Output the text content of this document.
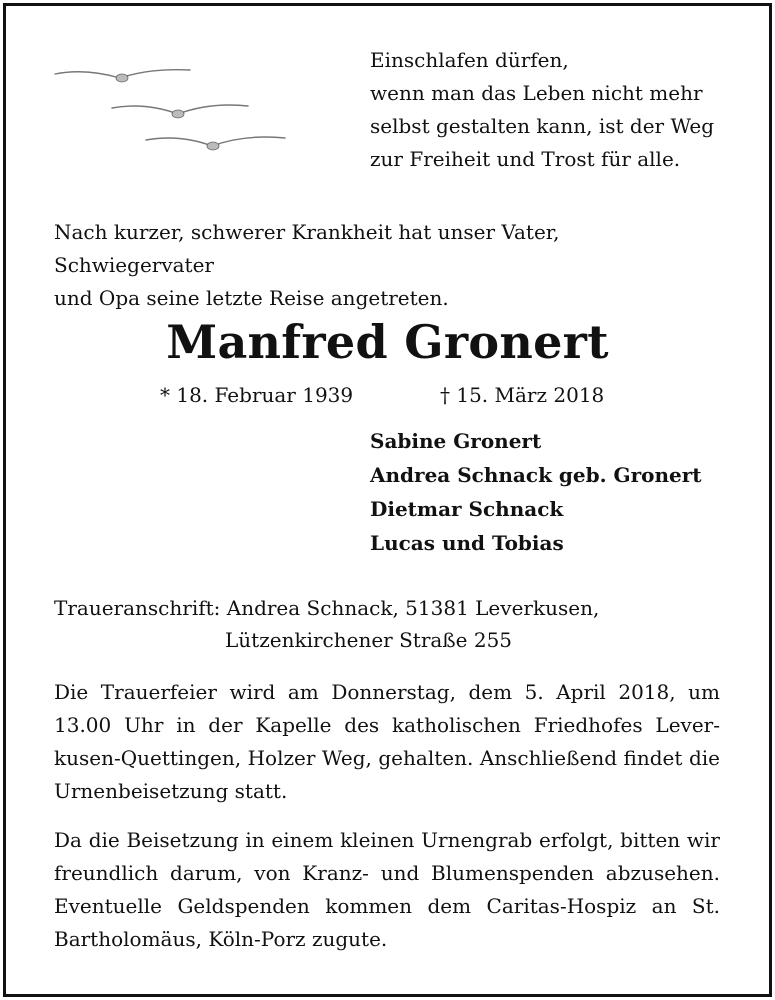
Einschlafen dürfen,
wenn man das Leben nicht mehr
selbst gestalten kann, ist der Weg
zur Freiheit und Trost für alle.
Nach kurzer, schwerer Krankheit hat unser Vater, Schwiegervater
und Opa seine letzte Reise angetreten.
Manfred Gronert
* 18. Februar 1939	† 15. März 2018
Sabine Gronert
Andrea Schnack geb. Gronert
Dietmar Schnack
Lucas und Tobias
Traueranschrift: Andrea Schnack, 51381 Leverkusen,
Lützenkirchener Straße 255
Die Trauerfeier wird am Donnerstag, dem 5. April 2018, um 13.00 Uhr in der Kapelle des katholischen Friedhofes Leverkusen-Quettingen, Holzer Weg, gehalten. Anschließend findet die Urnenbeisetzung statt.
Da die Beisetzung in einem kleinen Urnengrab erfolgt, bitten wir freundlich darum, von Kranz- und Blumenspenden abzusehen. Eventuelle Geldspenden kommen dem Caritas-Hospiz an St. Bartholomäus, Köln-Porz zugute.
